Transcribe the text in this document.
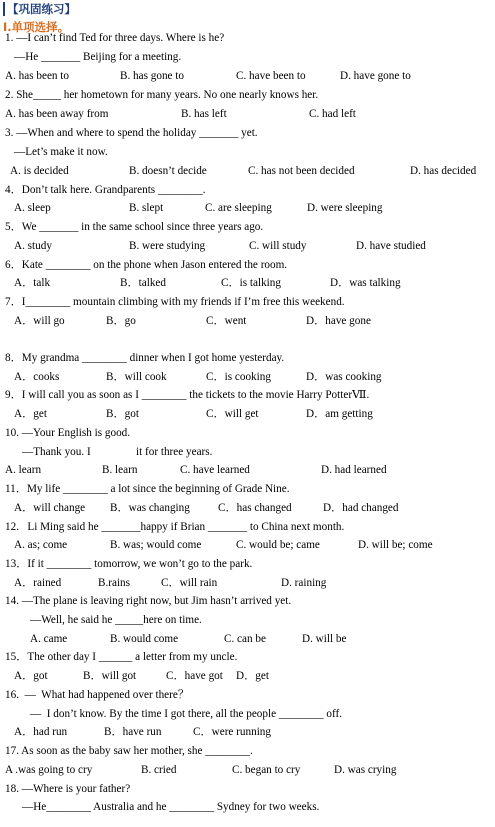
【巩固练习】
I.单项选择。
1. —I can’t find Ted for three days. Where is he?
—He _______ Beijing for a meeting.
A. has been to	B. has gone to	C. have been to	D. have gone to
2. She_____ her hometown for many years. No one nearly knows her.
A. has been away from	B. has left	C. had left
3. —When and where to spend the holiday _______ yet.
—Let’s make it now.
A. is decided	B. doesn’t decide	C. has not been decided	D. has decided
4．Don’t talk here. Grandparents ________.
A. sleep	B. slept	C. are sleeping	D. were sleeping
5．We _______ in the same school since three years ago.
A. study	B. were studying	C. will study	D. have studied
6．Kate ________ on the phone when Jason entered the room.
A．talk	B．talked	C．is talking	D．was talking
7．I________ mountain climbing with my friends if I’m free this weekend.
A．will go	B．go	C．went	D．have gone
8．My grandma ________ dinner when I got home yesterday.
A．cooks	B．will cook	C．is cooking	D．was cooking
9．I will call you as soon as I ________ the tickets to the movie Harry PotterⅦ.
A．get	B．got	C．will get	D．am getting
10. —Your English is good.
—Thank you. I	it for three years.
A. learn	B. learn	C. have learned	D. had learned
11．My life ________ a lot since the beginning of Grade Nine.
A．will change B．was changing	C．has changed	D．had changed
12.   Li Ming said he _______happy if Brian _______ to China next month.
A. as; come	B. was; would come	C. would be; came	D. will be; come
13．If it ________ tomorrow, we won’t go to the park.
A．rained	B.rains	C．will rain	D. raining
14. —The plane is leaving right now, but Jim hasn’t arrived yet.
—Well, he said he _____here on time.
A. came	B. would come	C. can be	D. will be
15．The other day I ______ a letter from my uncle.
A．got	B．will got	C．have got D．get
16.  —  What had happened over there？
—  I don’t know. By the time I got there, all the people ________ off.
A．had run	B．have run	C．were running
17. As soon as the baby saw her mother, she ________.
A .was going to cry	B. cried	C. began to cry	D. was crying
18. —Where is your father?
—He________ Australia and he ________ Sydney for two weeks.
